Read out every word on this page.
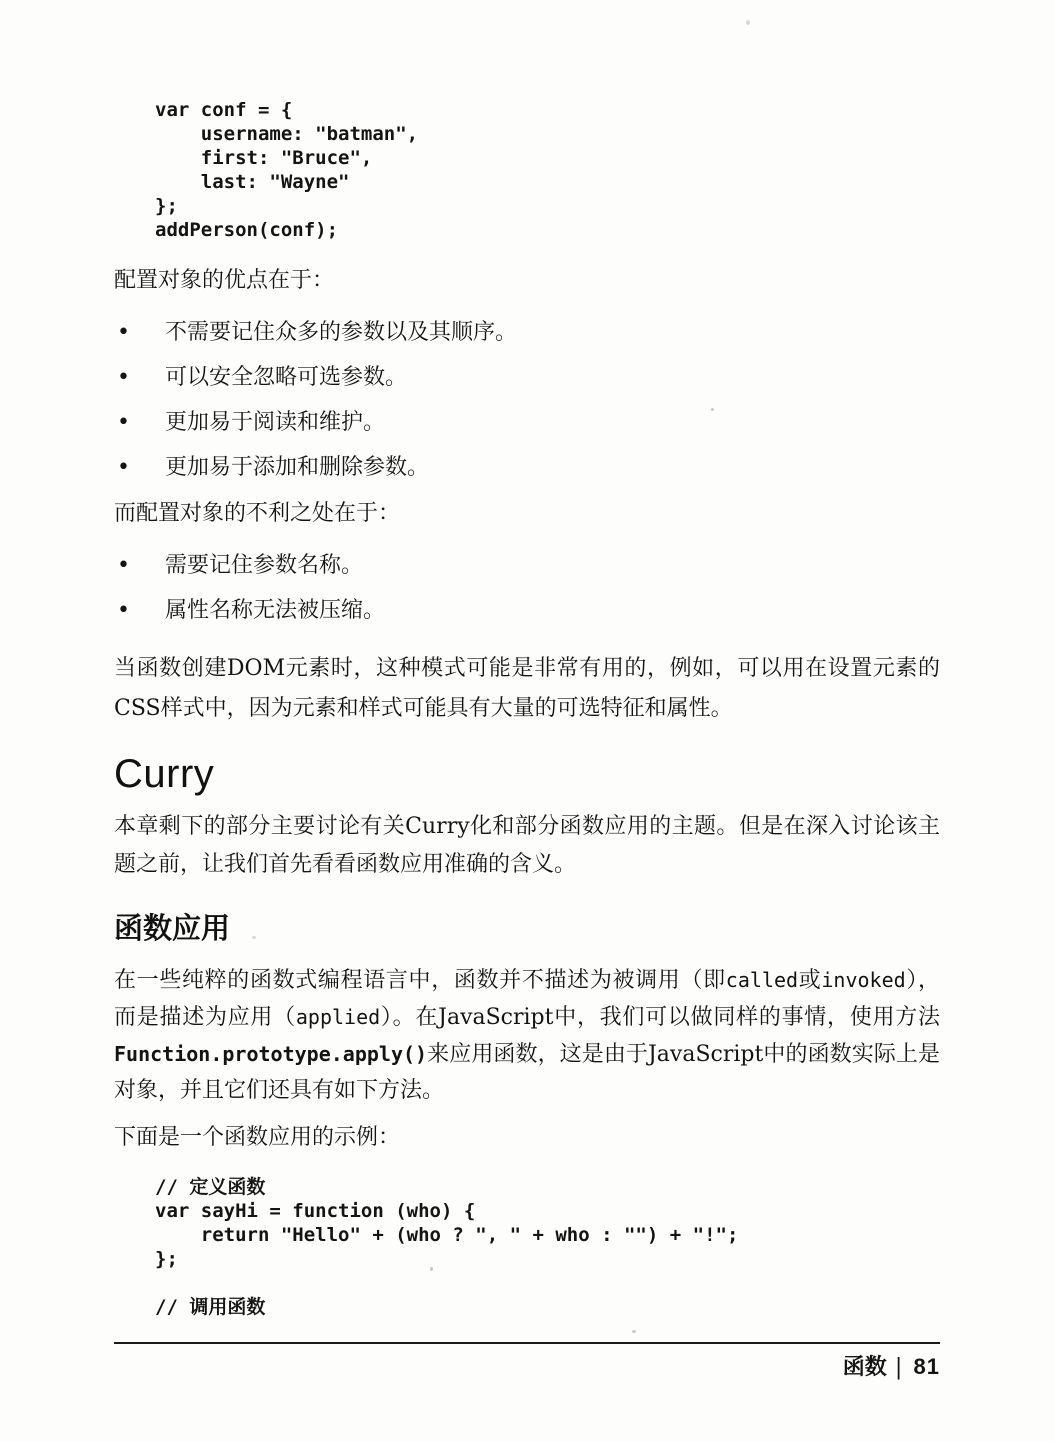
var conf = {
username: "batman",
first: "Bruce",
last: "Wayne"
};
addPerson(conf);

配置对象的优点在于：

•	不需要记住众多的参数以及其顺序。
•	可以安全忽略可选参数。
•	更加易于阅读和维护。
•	更加易于添加和删除参数。

而配置对象的不利之处在于：

•	需要记住参数名称。
•	属性名称无法被压缩。

当函数创建DOM元素时，这种模式可能是非常有用的，例如，可以用在设置元素的CSS样式中，因为元素和样式可能具有大量的可选特征和属性。

Curry

本章剩下的部分主要讨论有关Curry化和部分函数应用的主题。但是在深入讨论该主题之前，让我们首先看看函数应用准确的含义。

函数应用

在一些纯粹的函数式编程语言中，函数并不描述为被调用（即called或invoked），而是描述为应用（applied）。在JavaScript中，我们可以做同样的事情，使用方法Function.prototype.apply()来应用函数，这是由于JavaScript中的函数实际上是对象，并且它们还具有如下方法。

下面是一个函数应用的示例：

// 定义函数
var sayHi = function (who) {
return "Hello" + (who ? ", " + who : "") + "!";
};

// 调用函数
函数 | 81
